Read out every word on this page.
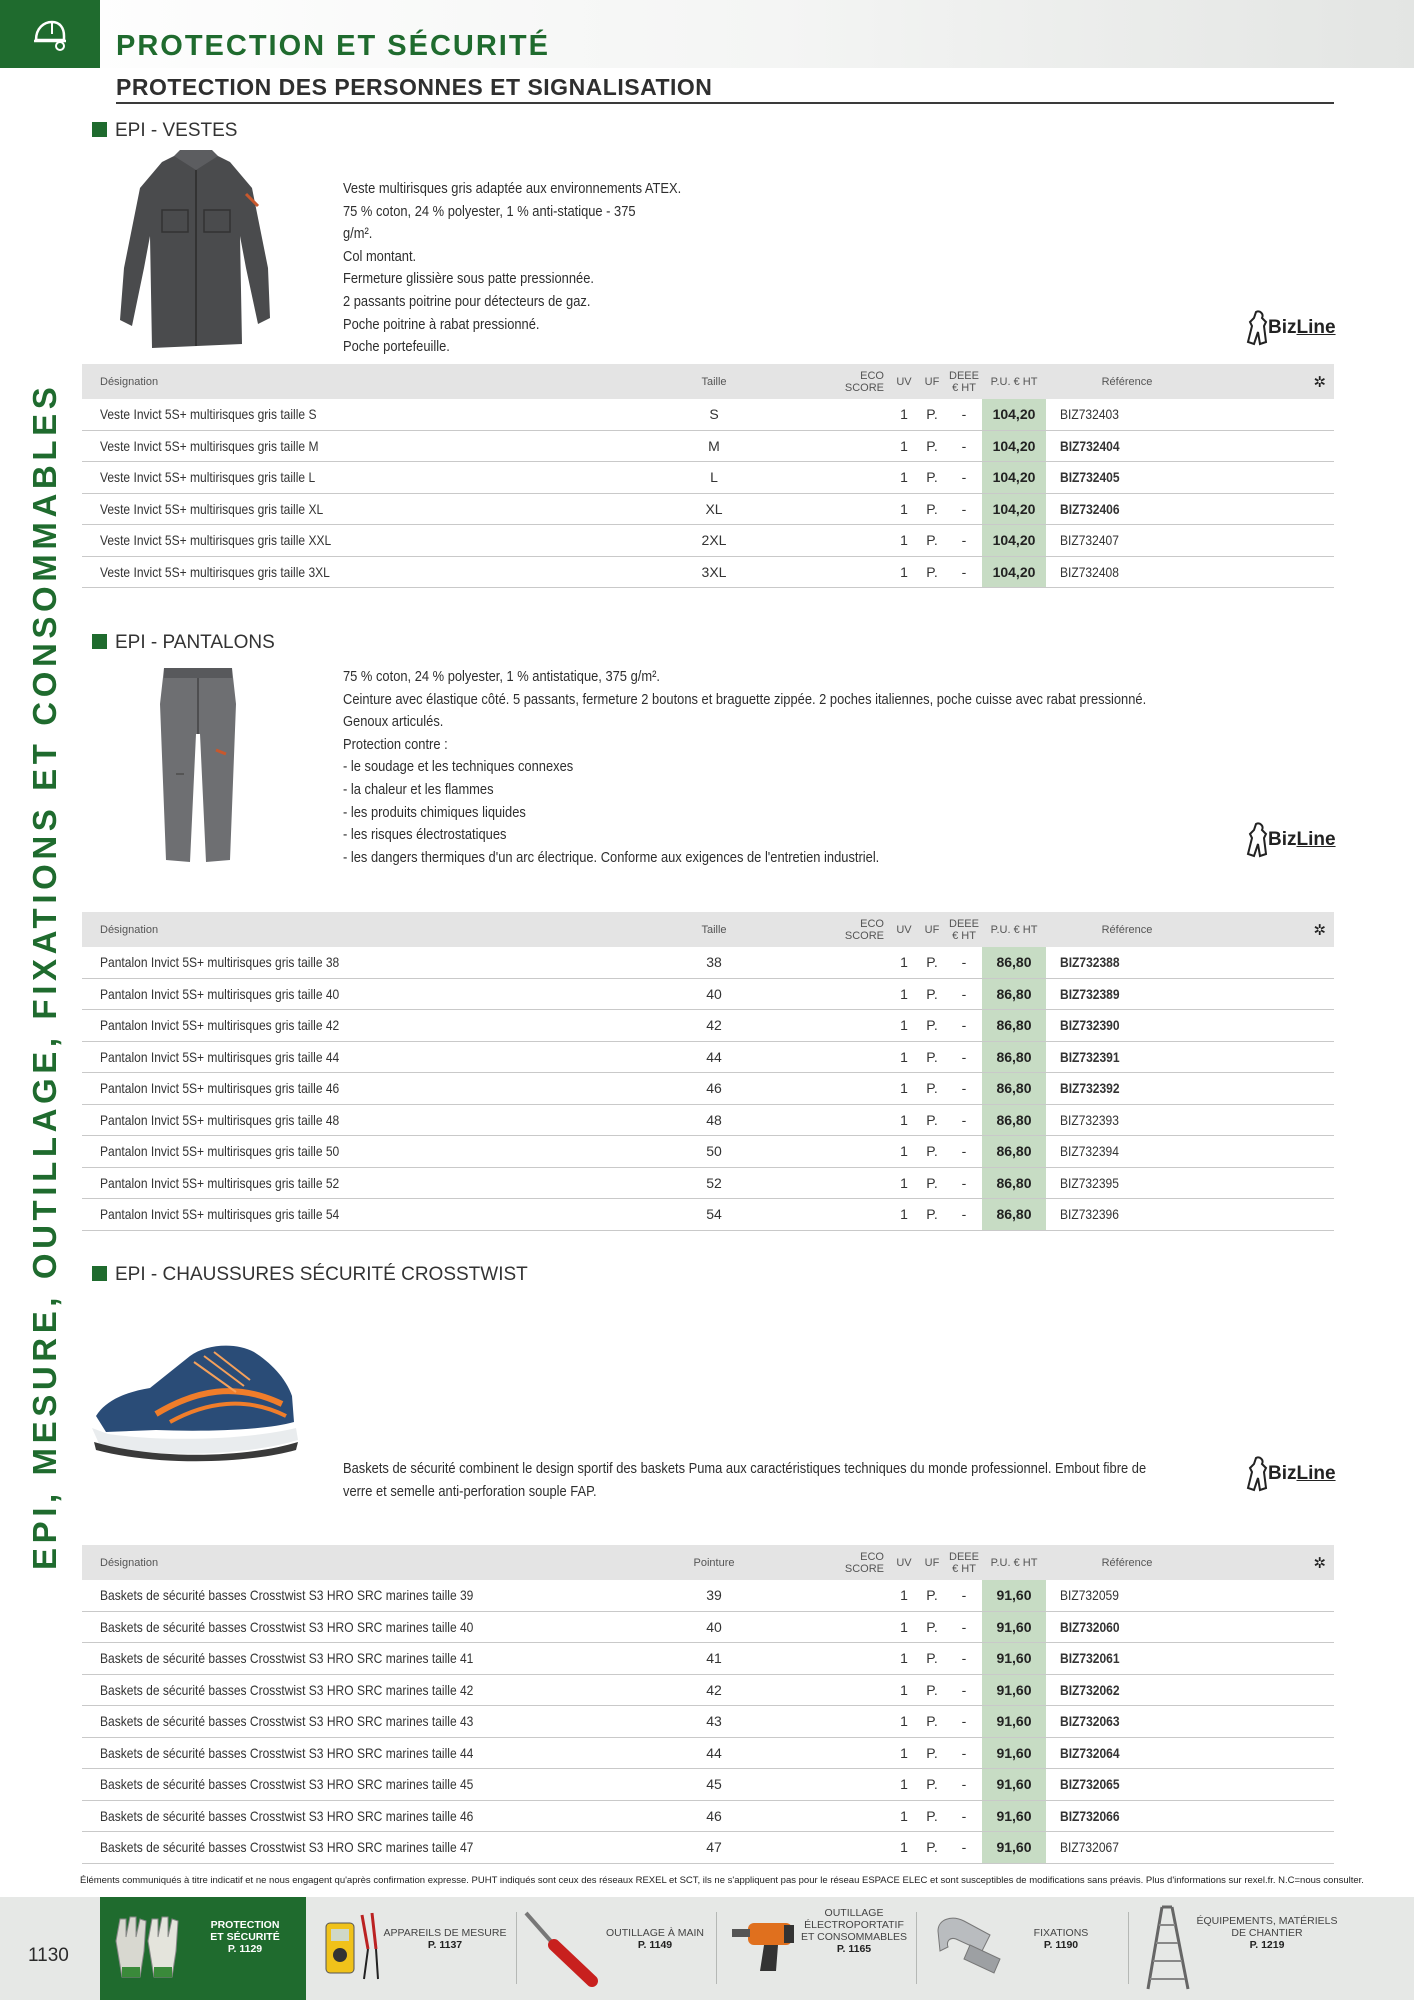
PROTECTION ET SÉCURITÉ
PROTECTION DES PERSONNES ET SIGNALISATION
EPI, MESURE, OUTILLAGE, FIXATIONS ET CONSOMMABLES
EPI - VESTES
Veste multirisques gris adaptée aux environnements ATEX.
75 % coton, 24 % polyester, 1 % anti-statique - 375
g/m².
Col montant.
Fermeture glissière sous patte pressionnée.
2 passants poitrine pour détecteurs de gaz.
Poche poitrine à rabat pressionné.
Poche portefeuille.
BizLine
Désignation	Taille	ECO
SCORE	UV	UF	DEEE
€ HT	P.U. € HT	Référence	✲
Veste Invict 5S+ multirisques gris taille S	S		1	P.	-	104,20	BIZ732403	
Veste Invict 5S+ multirisques gris taille M	M		1	P.	-	104,20	BIZ732404	
Veste Invict 5S+ multirisques gris taille L	L		1	P.	-	104,20	BIZ732405	
Veste Invict 5S+ multirisques gris taille XL	XL		1	P.	-	104,20	BIZ732406	
Veste Invict 5S+ multirisques gris taille XXL	2XL		1	P.	-	104,20	BIZ732407	
Veste Invict 5S+ multirisques gris taille 3XL	3XL		1	P.	-	104,20	BIZ732408	
EPI - PANTALONS
75 % coton, 24 % polyester, 1 % antistatique, 375 g/m².
Ceinture avec élastique côté. 5 passants, fermeture 2 boutons et braguette zippée. 2 poches italiennes, poche cuisse avec rabat pressionné.
Genoux articulés.
Protection contre :
- le soudage et les techniques connexes
- la chaleur et les flammes
- les produits chimiques liquides
- les risques électrostatiques
- les dangers thermiques d'un arc électrique. Conforme aux exigences de l'entretien industriel.
BizLine
Désignation	Taille	ECO
SCORE	UV	UF	DEEE
€ HT	P.U. € HT	Référence	✲
Pantalon Invict 5S+ multirisques gris taille 38	38		1	P.	-	86,80	BIZ732388	
Pantalon Invict 5S+ multirisques gris taille 40	40		1	P.	-	86,80	BIZ732389	
Pantalon Invict 5S+ multirisques gris taille 42	42		1	P.	-	86,80	BIZ732390	
Pantalon Invict 5S+ multirisques gris taille 44	44		1	P.	-	86,80	BIZ732391	
Pantalon Invict 5S+ multirisques gris taille 46	46		1	P.	-	86,80	BIZ732392	
Pantalon Invict 5S+ multirisques gris taille 48	48		1	P.	-	86,80	BIZ732393	
Pantalon Invict 5S+ multirisques gris taille 50	50		1	P.	-	86,80	BIZ732394	
Pantalon Invict 5S+ multirisques gris taille 52	52		1	P.	-	86,80	BIZ732395	
Pantalon Invict 5S+ multirisques gris taille 54	54		1	P.	-	86,80	BIZ732396	
EPI - CHAUSSURES SÉCURITÉ CROSSTWIST
Baskets de sécurité combinent le design sportif des baskets Puma aux caractéristiques techniques du monde professionnel. Embout fibre de
verre et semelle anti-perforation souple FAP.
BizLine
Désignation	Pointure	ECO
SCORE	UV	UF	DEEE
€ HT	P.U. € HT	Référence	✲
Baskets de sécurité basses Crosstwist S3 HRO SRC marines taille 39	39		1	P.	-	91,60	BIZ732059	
Baskets de sécurité basses Crosstwist S3 HRO SRC marines taille 40	40		1	P.	-	91,60	BIZ732060	
Baskets de sécurité basses Crosstwist S3 HRO SRC marines taille 41	41		1	P.	-	91,60	BIZ732061	
Baskets de sécurité basses Crosstwist S3 HRO SRC marines taille 42	42		1	P.	-	91,60	BIZ732062	
Baskets de sécurité basses Crosstwist S3 HRO SRC marines taille 43	43		1	P.	-	91,60	BIZ732063	
Baskets de sécurité basses Crosstwist S3 HRO SRC marines taille 44	44		1	P.	-	91,60	BIZ732064	
Baskets de sécurité basses Crosstwist S3 HRO SRC marines taille 45	45		1	P.	-	91,60	BIZ732065	
Baskets de sécurité basses Crosstwist S3 HRO SRC marines taille 46	46		1	P.	-	91,60	BIZ732066	
Baskets de sécurité basses Crosstwist S3 HRO SRC marines taille 47	47		1	P.	-	91,60	BIZ732067	
Éléments communiqués à titre indicatif et ne nous engagent qu'après confirmation expresse. PUHT indiqués sont ceux des réseaux REXEL et SCT, ils ne s'appliquent pas pour le réseau ESPACE ELEC et sont susceptibles de modifications sans préavis. Plus d'informations sur rexel.fr. N.C=nous consulter.
1130
PROTECTION
ET SÉCURITÉ
P. 1129
APPAREILS DE MESURE
P. 1137
OUTILLAGE À MAIN
P. 1149
OUTILLAGE
ÉLECTROPORTATIF
ET CONSOMMABLES
P. 1165
FIXATIONS
P. 1190
ÉQUIPEMENTS, MATÉRIELS
DE CHANTIER
P. 1219
